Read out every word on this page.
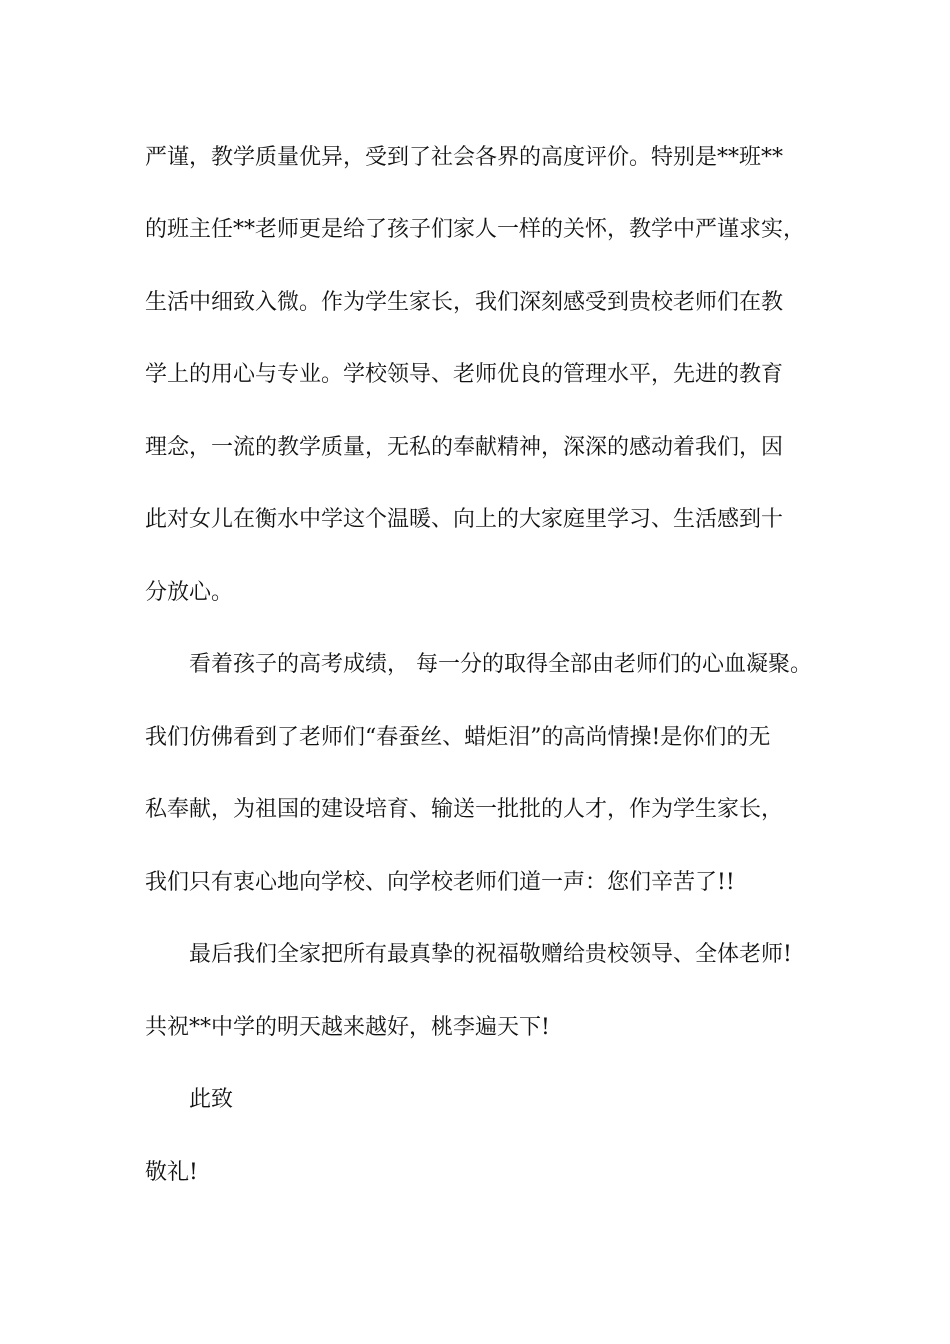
严谨，教学质量优异，受到了社会各界的高度评价。特别是**班**
的班主任**老师更是给了孩子们家人一样的关怀，教学中严谨求实，
生活中细致入微。作为学生家长，我们深刻感受到贵校老师们在教
学上的用心与专业。学校领导、老师优良的管理水平，先进的教育
理念，一流的教学质量，无私的奉献精神，深深的感动着我们，因
此对女儿在衡水中学这个温暖、向上的大家庭里学习、生活感到十
分放心。
看着孩子的高考成绩， 每一分的取得全部由老师们的心血凝聚。
我们仿佛看到了老师们“春蚕丝、蜡炬泪”的高尚情操!是你们的无
私奉献，为祖国的建设培育、输送一批批的人才，作为学生家长，
我们只有衷心地向学校、向学校老师们道一声：您们辛苦了!!
最后我们全家把所有最真挚的祝福敬赠给贵校领导、全体老师!
共祝**中学的明天越来越好，桃李遍天下!
此致
敬礼!
